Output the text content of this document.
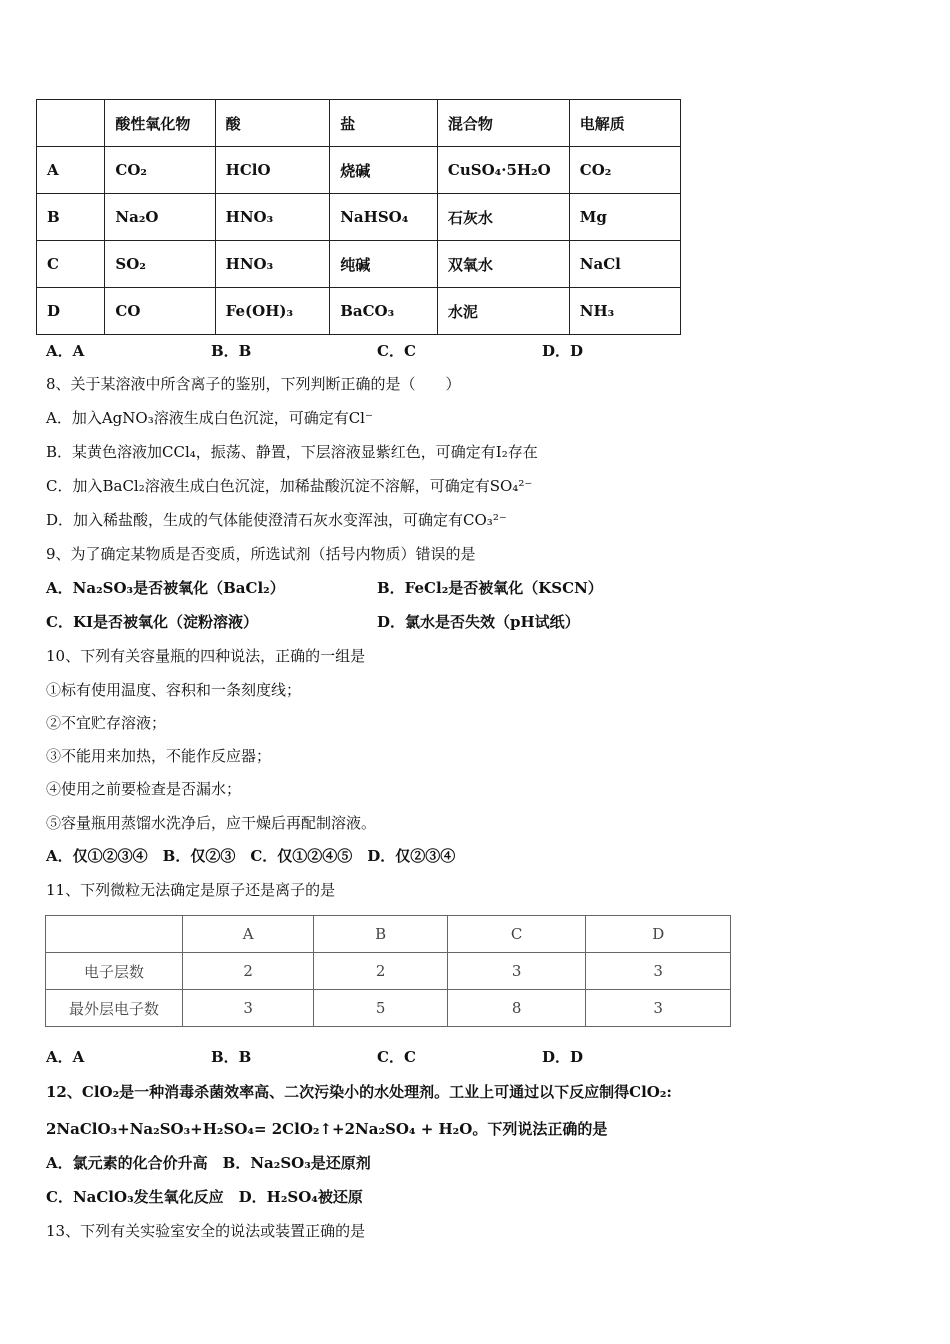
	酸性氧化物	酸	盐	混合物	电解质
A	CO₂	HClO	烧碱	CuSO₄·5H₂O	CO₂
B	Na₂O	HNO₃	NaHSO₄	石灰水	Mg
C	SO₂	HNO₃	纯碱	双氧水	NaCl
D	CO	Fe(OH)₃	BaCO₃	水泥	NH₃
A．A	B．B	C．C	D．D
8、关于某溶液中所含离子的鉴别，下列判断正确的是（　　）
A．加入AgNO₃溶液生成白色沉淀，可确定有Cl⁻
B．某黄色溶液加CCl₄，振荡、静置，下层溶液显紫红色，可确定有I₂存在
C．加入BaCl₂溶液生成白色沉淀，加稀盐酸沉淀不溶解，可确定有SO₄²⁻
D．加入稀盐酸，生成的气体能使澄清石灰水变浑浊，可确定有CO₃²⁻
9、为了确定某物质是否变质，所选试剂（括号内物质）错误的是
A．Na₂SO₃是否被氧化（BaCl₂）	B．FeCl₂是否被氧化（KSCN）
C．KI是否被氧化（淀粉溶液）	D．氯水是否失效（pH试纸）
10、下列有关容量瓶的四种说法，正确的一组是
①标有使用温度、容积和一条刻度线；
②不宜贮存溶液；
③不能用来加热，不能作反应器；
④使用之前要检查是否漏水；
⑤容量瓶用蒸馏水洗净后，应干燥后再配制溶液。
A．仅①②③④　B．仅②③　C．仅①②④⑤　D．仅②③④
11、下列微粒无法确定是原子还是离子的是
	A	B	C	D
电子层数	2	2	3	3
最外层电子数	3	5	8	3
A．A	B．B	C．C	D．D
12、ClO₂是一种消毒杀菌效率高、二次污染小的水处理剂。工业上可通过以下反应制得ClO₂:
2NaClO₃+Na₂SO₃+H₂SO₄= 2ClO₂↑+2Na₂SO₄ + H₂O。下列说法正确的是
A．氯元素的化合价升高　B．Na₂SO₃是还原剂
C．NaClO₃发生氧化反应　D．H₂SO₄被还原
13、下列有关实验室安全的说法或装置正确的是
